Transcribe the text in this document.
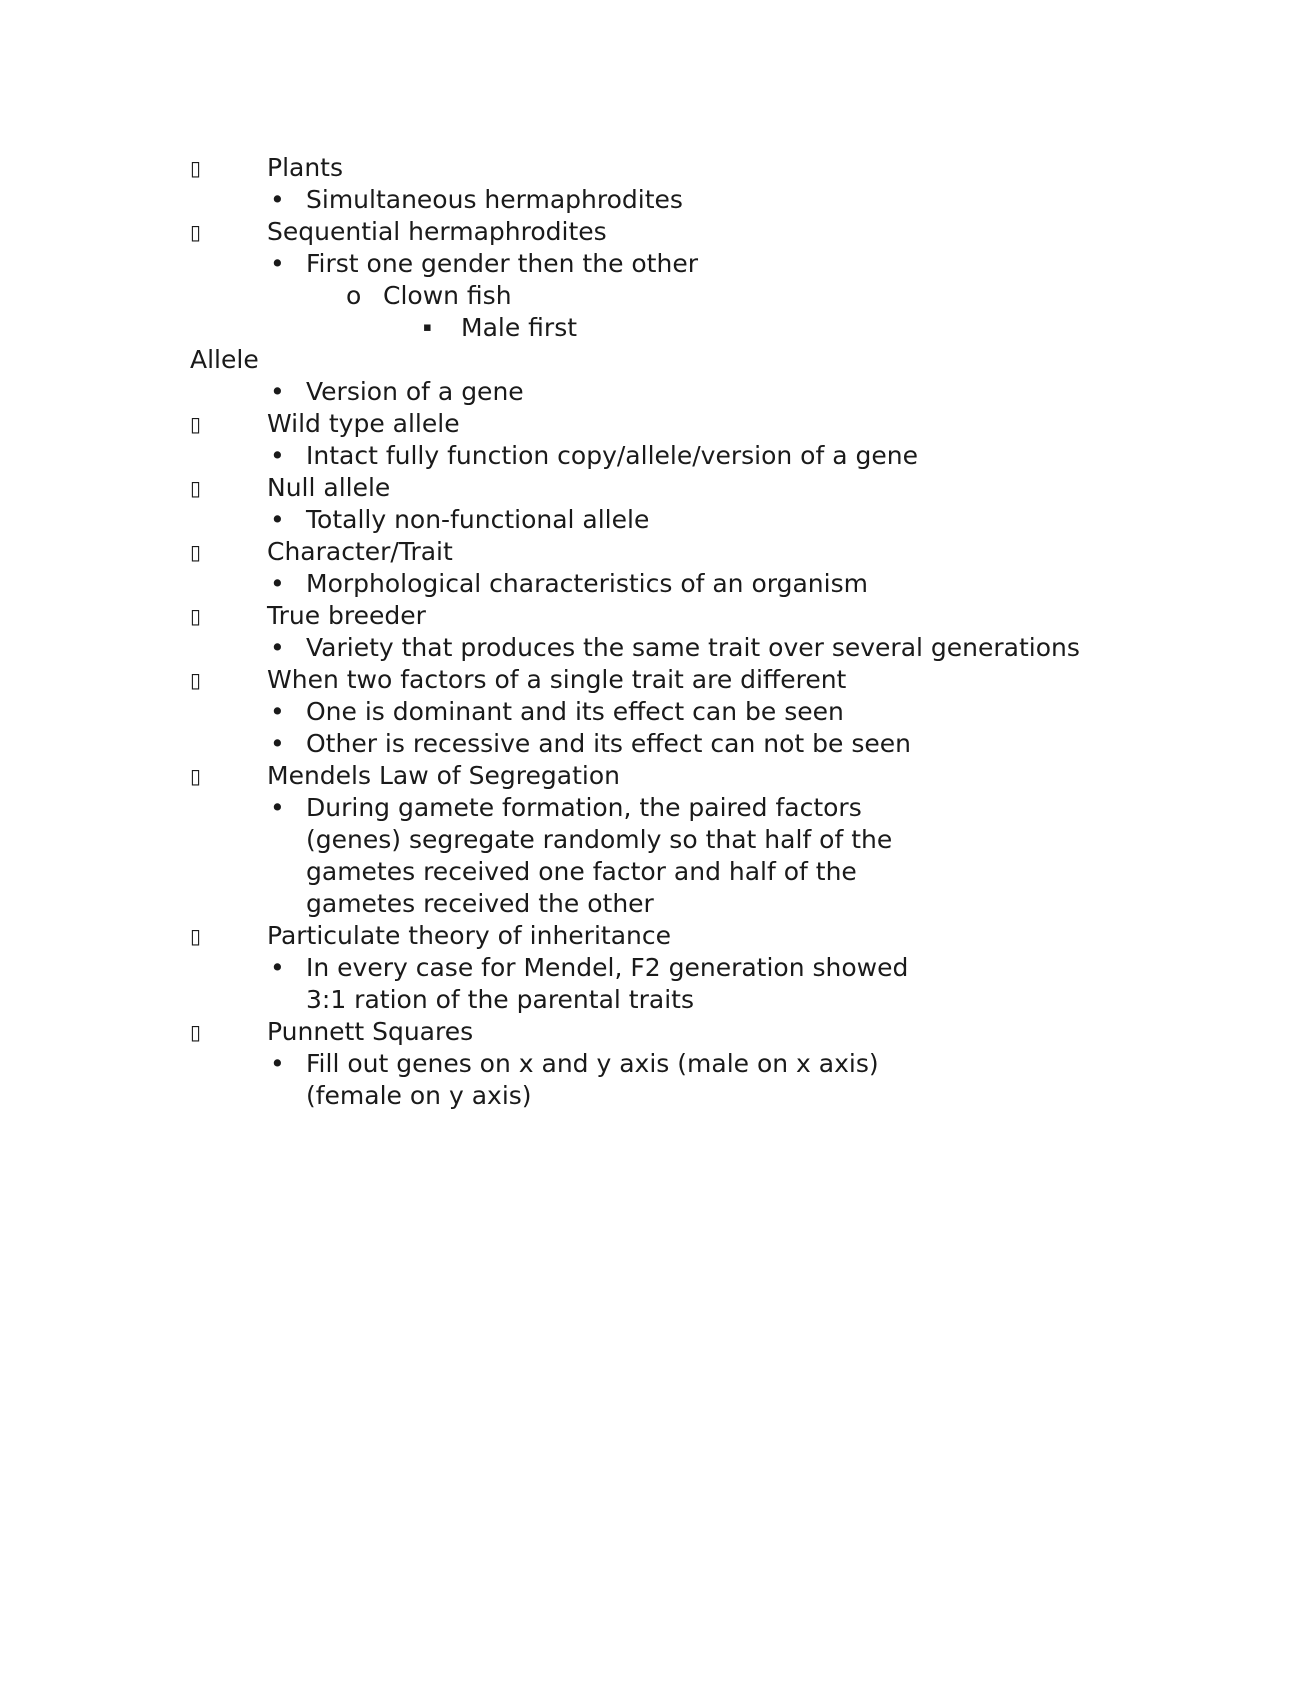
▯	Plants
• Simultaneous hermaphrodites
▯	Sequential hermaphrodites
• First one gender then the other
o Clown fish
▪	Male first
Allele
• Version of a gene
▯	Wild type allele
• Intact fully function copy/allele/version of a gene
▯	Null allele
• Totally non-functional allele
▯	Character/Trait
• Morphological characteristics of an organism
▯	True breeder
• Variety that produces the same trait over several generations
▯	When two factors of a single trait are different
• One is dominant and its effect can be seen
• Other is recessive and its effect can not be seen
▯	Mendels Law of Segregation
• During gamete formation, the paired factors (genes) segregate randomly so that half of the gametes received one factor and half of the gametes received the other
▯	Particulate theory of inheritance
• In every case for Mendel, F2 generation showed 3:1 ration of the parental traits
▯	Punnett Squares
• Fill out genes on x and y axis (male on x axis) (female on y axis)
